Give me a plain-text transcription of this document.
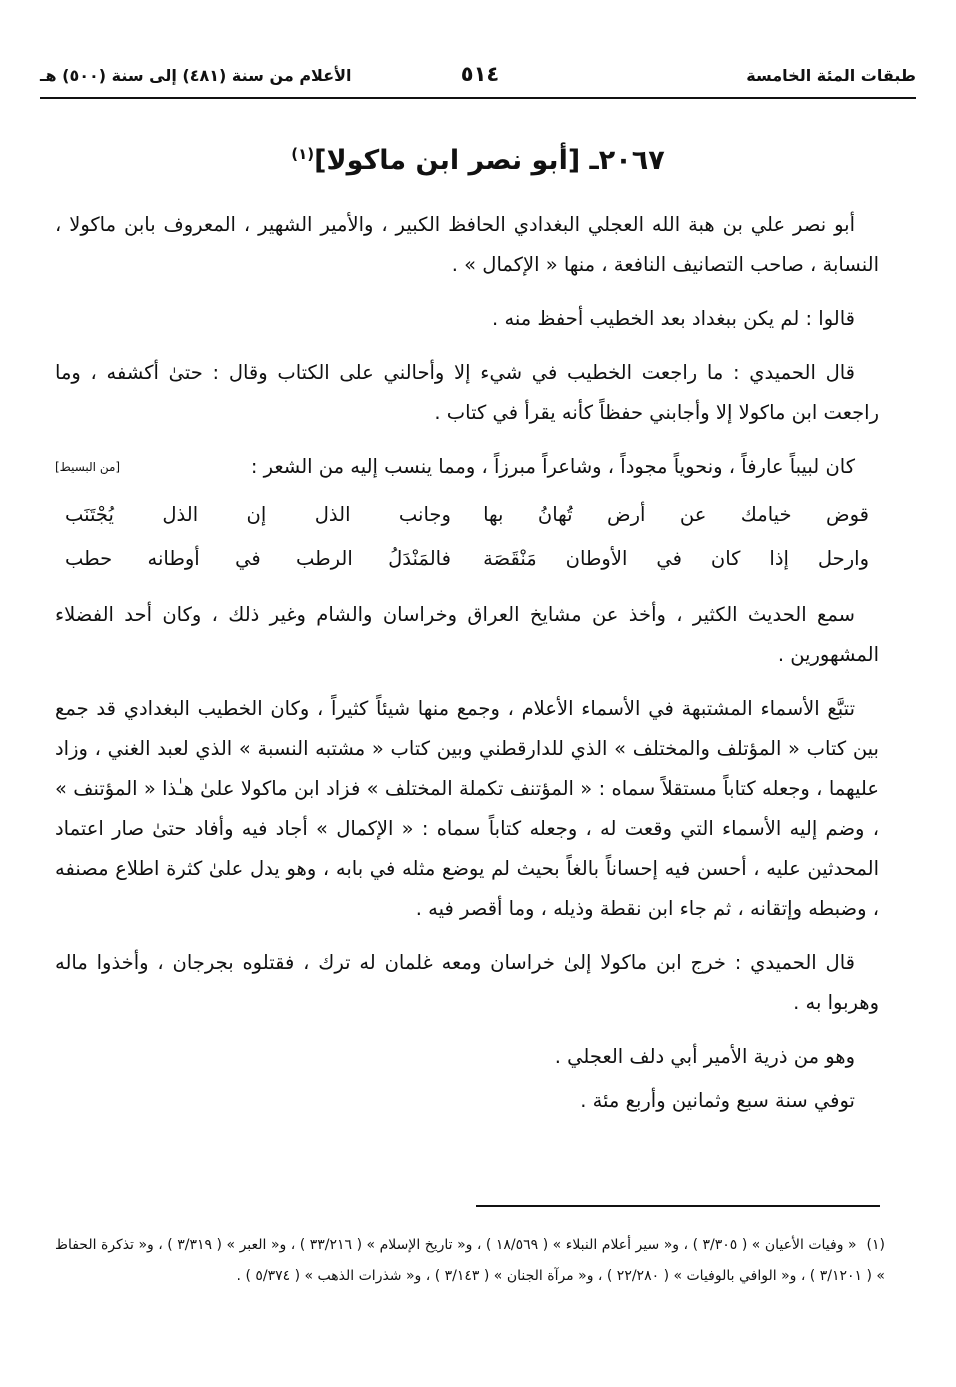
طبقات المئة الخامسة
٥١٤
الأعلام من سنة (٤٨١) إلى سنة (٥٠٠) هـ
٢٠٦٧ـ [أبو نصر ابن ماكولا]$^{(١)}$

أبو نصر علي بن هبة الله العجلي البغدادي الحافظ الكبير ، والأمير الشهير ، المعروف بابن ماكولا ، النسابة ، صاحب التصانيف النافعة ، منها « الإكمال » .

قالوا : لم يكن ببغداد بعد الخطيب أحفظ منه .

قال الحميدي : ما راجعت الخطيب في شيء إلا وأحالني على الكتاب وقال : حتىٰ أكشفه ، وما راجعت ابن ماكولا إلا وأجابني حفظاً كأنه يقرأ في كتاب .

كان لبيباً عارفاً ، ونحوياً مجوداً ، وشاعراً مبرزاً ، ومما ينسب إليه من الشعر :
[من البسيط]

قوض خيامك عن أرض تُهانُ بها
وجانب الذل إن الذل يُجْتَنَب
وارحل إذا كان في الأوطان مَنْقَصَة
فالمَنْدَلُ الرطب في أوطانه حطب

سمع الحديث الكثير ، وأخذ عن مشايخ العراق وخراسان والشام وغير ذلك ، وكان أحد الفضلاء المشهورين .

تتبَّع الأسماء المشتبهة في الأسماء الأعلام ، وجمع منها شيئاً كثيراً ، وكان الخطيب البغدادي قد جمع بين كتاب « المؤتلف والمختلف » الذي للدارقطني وبين كتاب « مشتبه النسبة » الذي لعبد الغني ، وزاد عليهما ، وجعله كتاباً مستقلاً سماه : « المؤتنف تكملة المختلف » فزاد ابن ماكولا علىٰ هـٰذا « المؤتنف » ، وضم إليه الأسماء التي وقعت له ، وجعله كتاباً سماه : « الإكمال » أجاد فيه وأفاد حتىٰ صار اعتماد المحدثين عليه ، أحسن فيه إحساناً بالغاً بحيث لم يوضع مثله في بابه ، وهو يدل علىٰ كثرة اطلاع مصنفه ، وضبطه وإتقانه ، ثم جاء ابن نقطة وذيله ، وما أقصر فيه .

قال الحميدي : خرج ابن ماكولا إلىٰ خراسان ومعه غلمان له ترك ، فقتلوه بجرجان ، وأخذوا ماله وهربوا به .

وهو من ذرية الأمير أبي دلف العجلي .

توفي سنة سبع وثمانين وأربع مئة .

(١)« وفيات الأعيان » ( ٣/٣٠٥ ) ، و« سير أعلام النبلاء » ( ١٨/٥٦٩ ) ، و« تاريخ الإسلام » ( ٣٣/٢١٦ ) ، و« العبر » ( ٣/٣١٩ ) ، و« تذكرة الحفاظ » ( ٣/١٢٠١ ) ، و« الوافي بالوفيات » ( ٢٢/٢٨٠ ) ، و« مرآة الجنان » ( ٣/١٤٣ ) ، و« شذرات الذهب » ( ٥/٣٧٤ ) .
